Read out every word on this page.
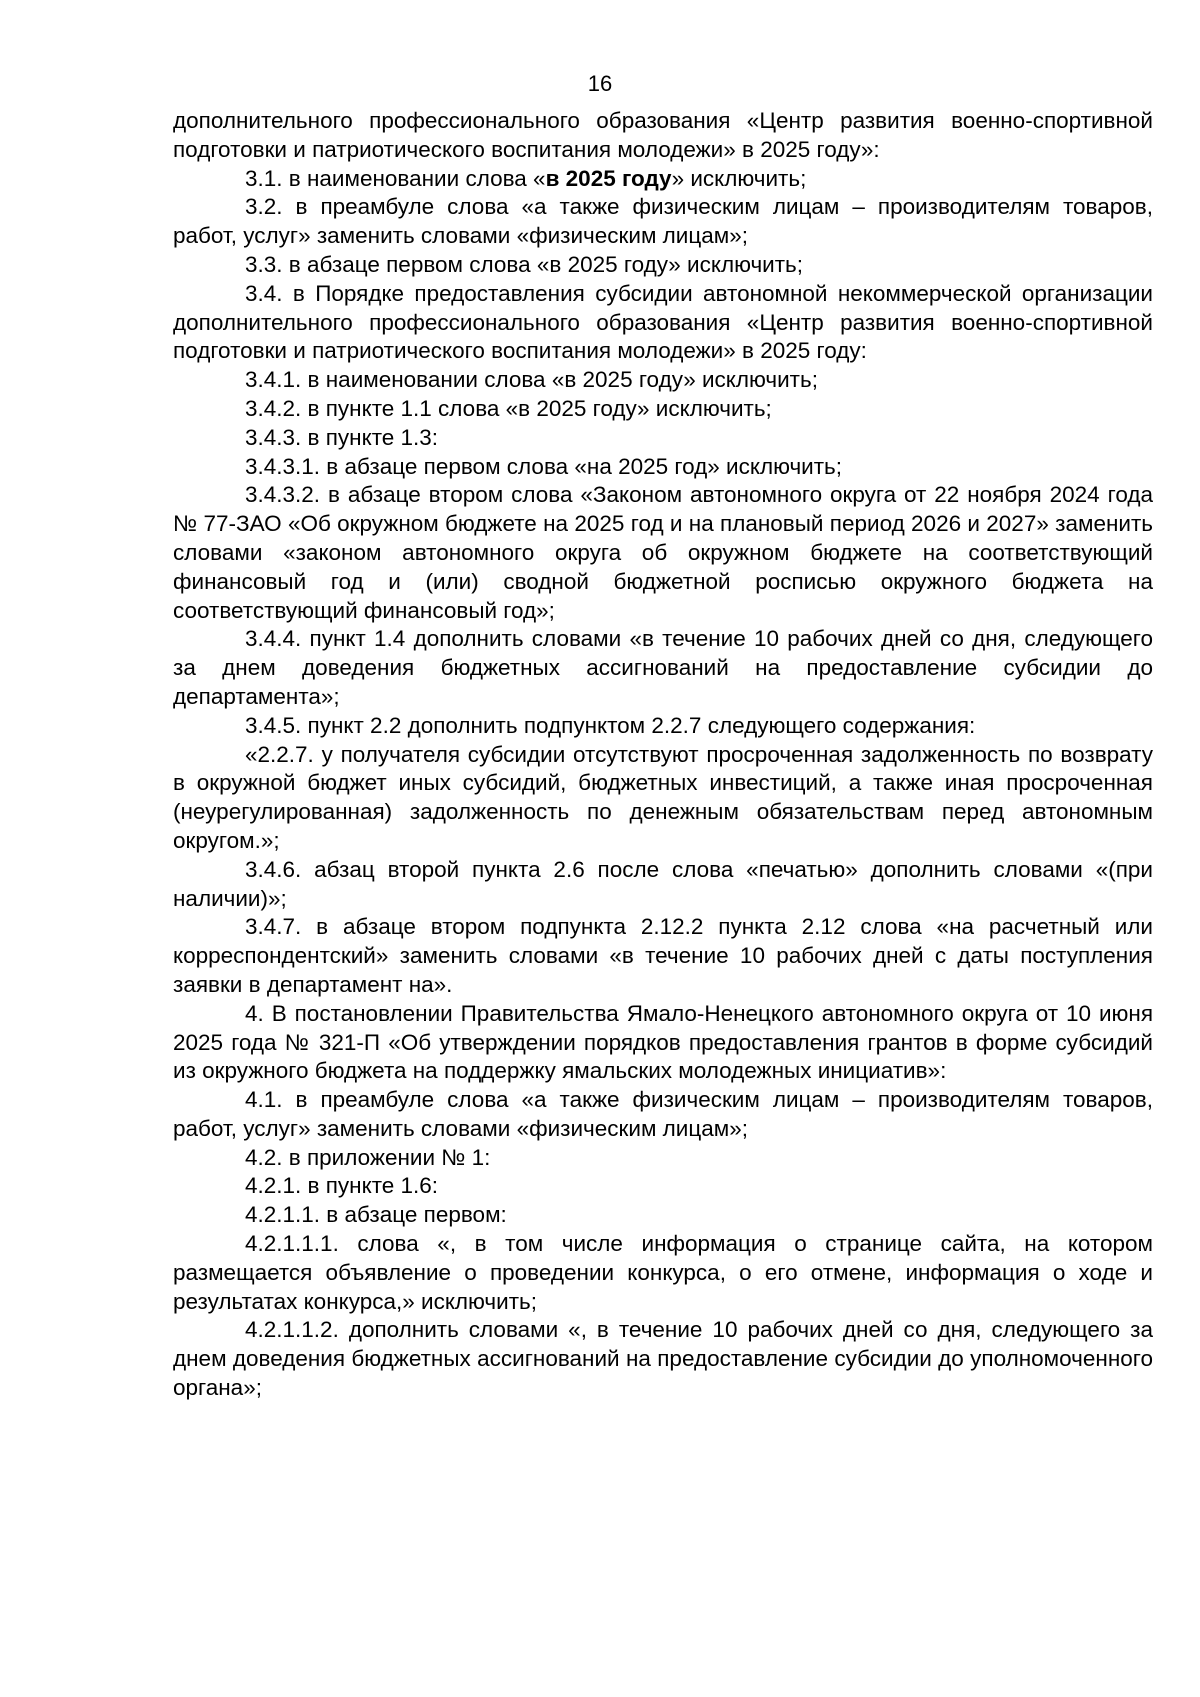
16

дополнительного профессионального образования «Центр развития военно-спортивной подготовки и патриотического воспитания молодежи» в 2025 году»:

3.1. в наименовании слова «в 2025 году» исключить;

3.2. в преамбуле слова «а также физическим лицам – производителям товаров, работ, услуг» заменить словами «физическим лицам»;

3.3. в абзаце первом слова «в 2025 году» исключить;

3.4. в Порядке предоставления субсидии автономной некоммерческой организации дополнительного профессионального образования «Центр развития военно-спортивной подготовки и патриотического воспитания молодежи» в 2025 году:

3.4.1. в наименовании слова «в 2025 году» исключить;

3.4.2. в пункте 1.1 слова «в 2025 году» исключить;

3.4.3. в пункте 1.3:

3.4.3.1. в абзаце первом слова «на 2025 год» исключить;

3.4.3.2. в абзаце втором слова «Законом автономного округа от 22 ноября 2024 года № 77-ЗАО «Об окружном бюджете на 2025 год и на плановый период 2026 и 2027» заменить словами «законом автономного округа об окружном бюджете на соответствующий финансовый год и (или) сводной бюджетной росписью окружного бюджета на соответствующий финансовый год»;

3.4.4. пункт 1.4 дополнить словами «в течение 10 рабочих дней со дня, следующего за днем доведения бюджетных ассигнований на предоставление субсидии до департамента»;

3.4.5. пункт 2.2 дополнить подпунктом 2.2.7 следующего содержания:

«2.2.7. у получателя субсидии отсутствуют просроченная задолженность по возврату в окружной бюджет иных субсидий, бюджетных инвестиций, а также иная просроченная (неурегулированная) задолженность по денежным обязательствам перед автономным округом.»;

3.4.6. абзац второй пункта 2.6 после слова «печатью» дополнить словами «(при наличии)»;

3.4.7. в абзаце втором подпункта 2.12.2 пункта 2.12 слова «на расчетный или корреспондентский» заменить словами «в течение 10 рабочих дней с даты поступления заявки в департамент на».

4. В постановлении Правительства Ямало-Ненецкого автономного округа от 10 июня 2025 года № 321-П «Об утверждении порядков предоставления грантов в форме субсидий из окружного бюджета на поддержку ямальских молодежных инициатив»:

4.1. в преамбуле слова «а также физическим лицам – производителям товаров, работ, услуг» заменить словами «физическим лицам»;

4.2. в приложении № 1:

4.2.1. в пункте 1.6:

4.2.1.1. в абзаце первом:

4.2.1.1.1. слова «, в том числе информация о странице сайта, на котором размещается объявление о проведении конкурса, о его отмене, информация о ходе и результатах конкурса,» исключить;

4.2.1.1.2. дополнить словами «, в течение 10 рабочих дней со дня, следующего за днем доведения бюджетных ассигнований на предоставление субсидии до уполномоченного органа»;
